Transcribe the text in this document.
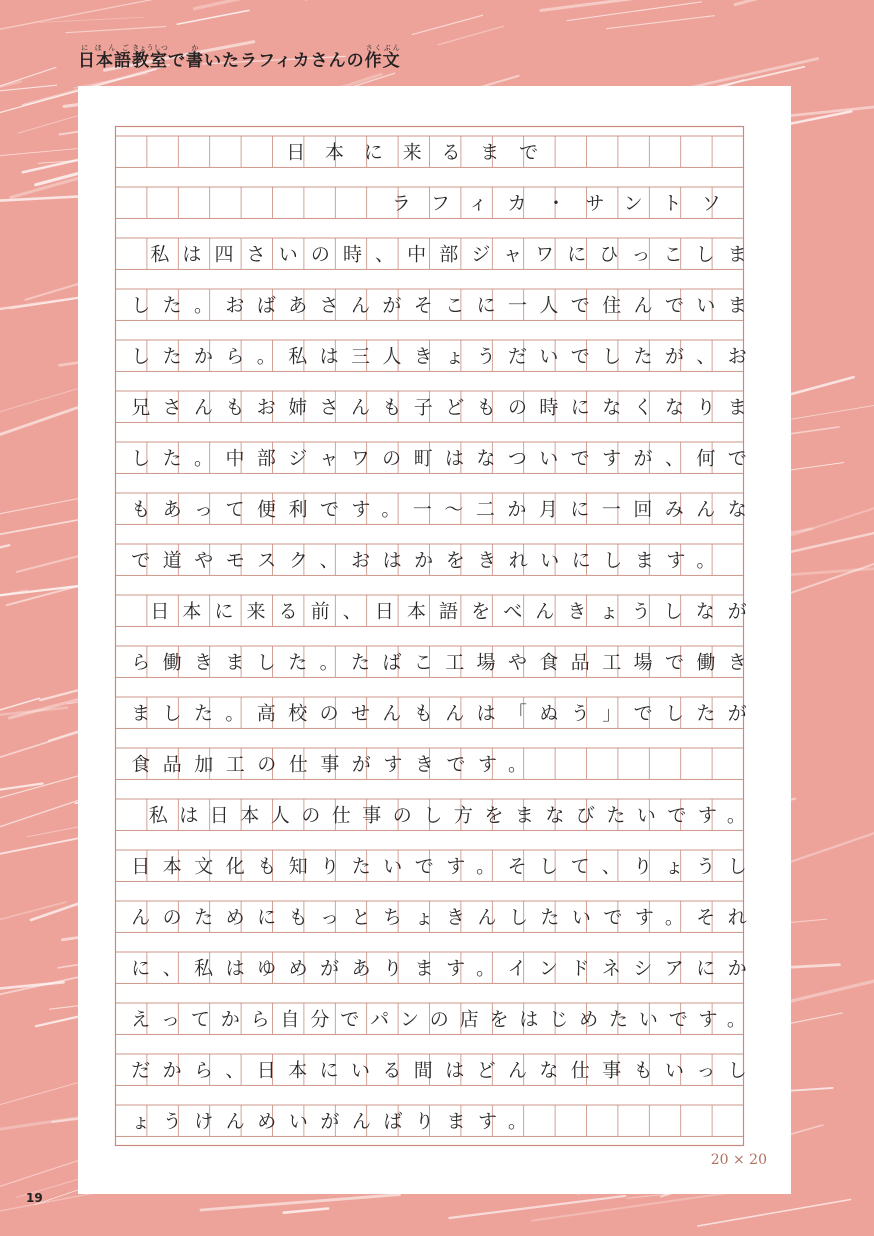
日本語にほんご教室きょうしつで書かいたラフィカさんの作文さくぶん
日本に来るまで
ラフィカ・サントソ
私は四さいの時、中部ジャワにひっこしま
した。おばあさんがそこに一人で住んでいま
したから。私は三人きょうだいでしたが、お
兄さんもお姉さんも子どもの時になくなりま
した。中部ジャワの町はなついですが、何で
もあって便利です。一～二か月に一回みんな
で道やモスク、おはかをきれいにします。
日本に来る前、日本語をべんきょうしなが
ら働きました。たばこ工場や食品工場で働き
ました。高校のせんもんは「ぬう」でしたが
食品加工の仕事がすきです。
私は日本人の仕事のし方をまなびたいです。
日本文化も知りたいです。そして、りょうし
んのためにもっとちょきんしたいです。それ
に、私はゆめがあります。インドネシアにか
えってから自分でパンの店をはじめたいです。
だから、日本にいる間はどんな仕事もいっし
ょうけんめいがんばります。
20 × 20
19
